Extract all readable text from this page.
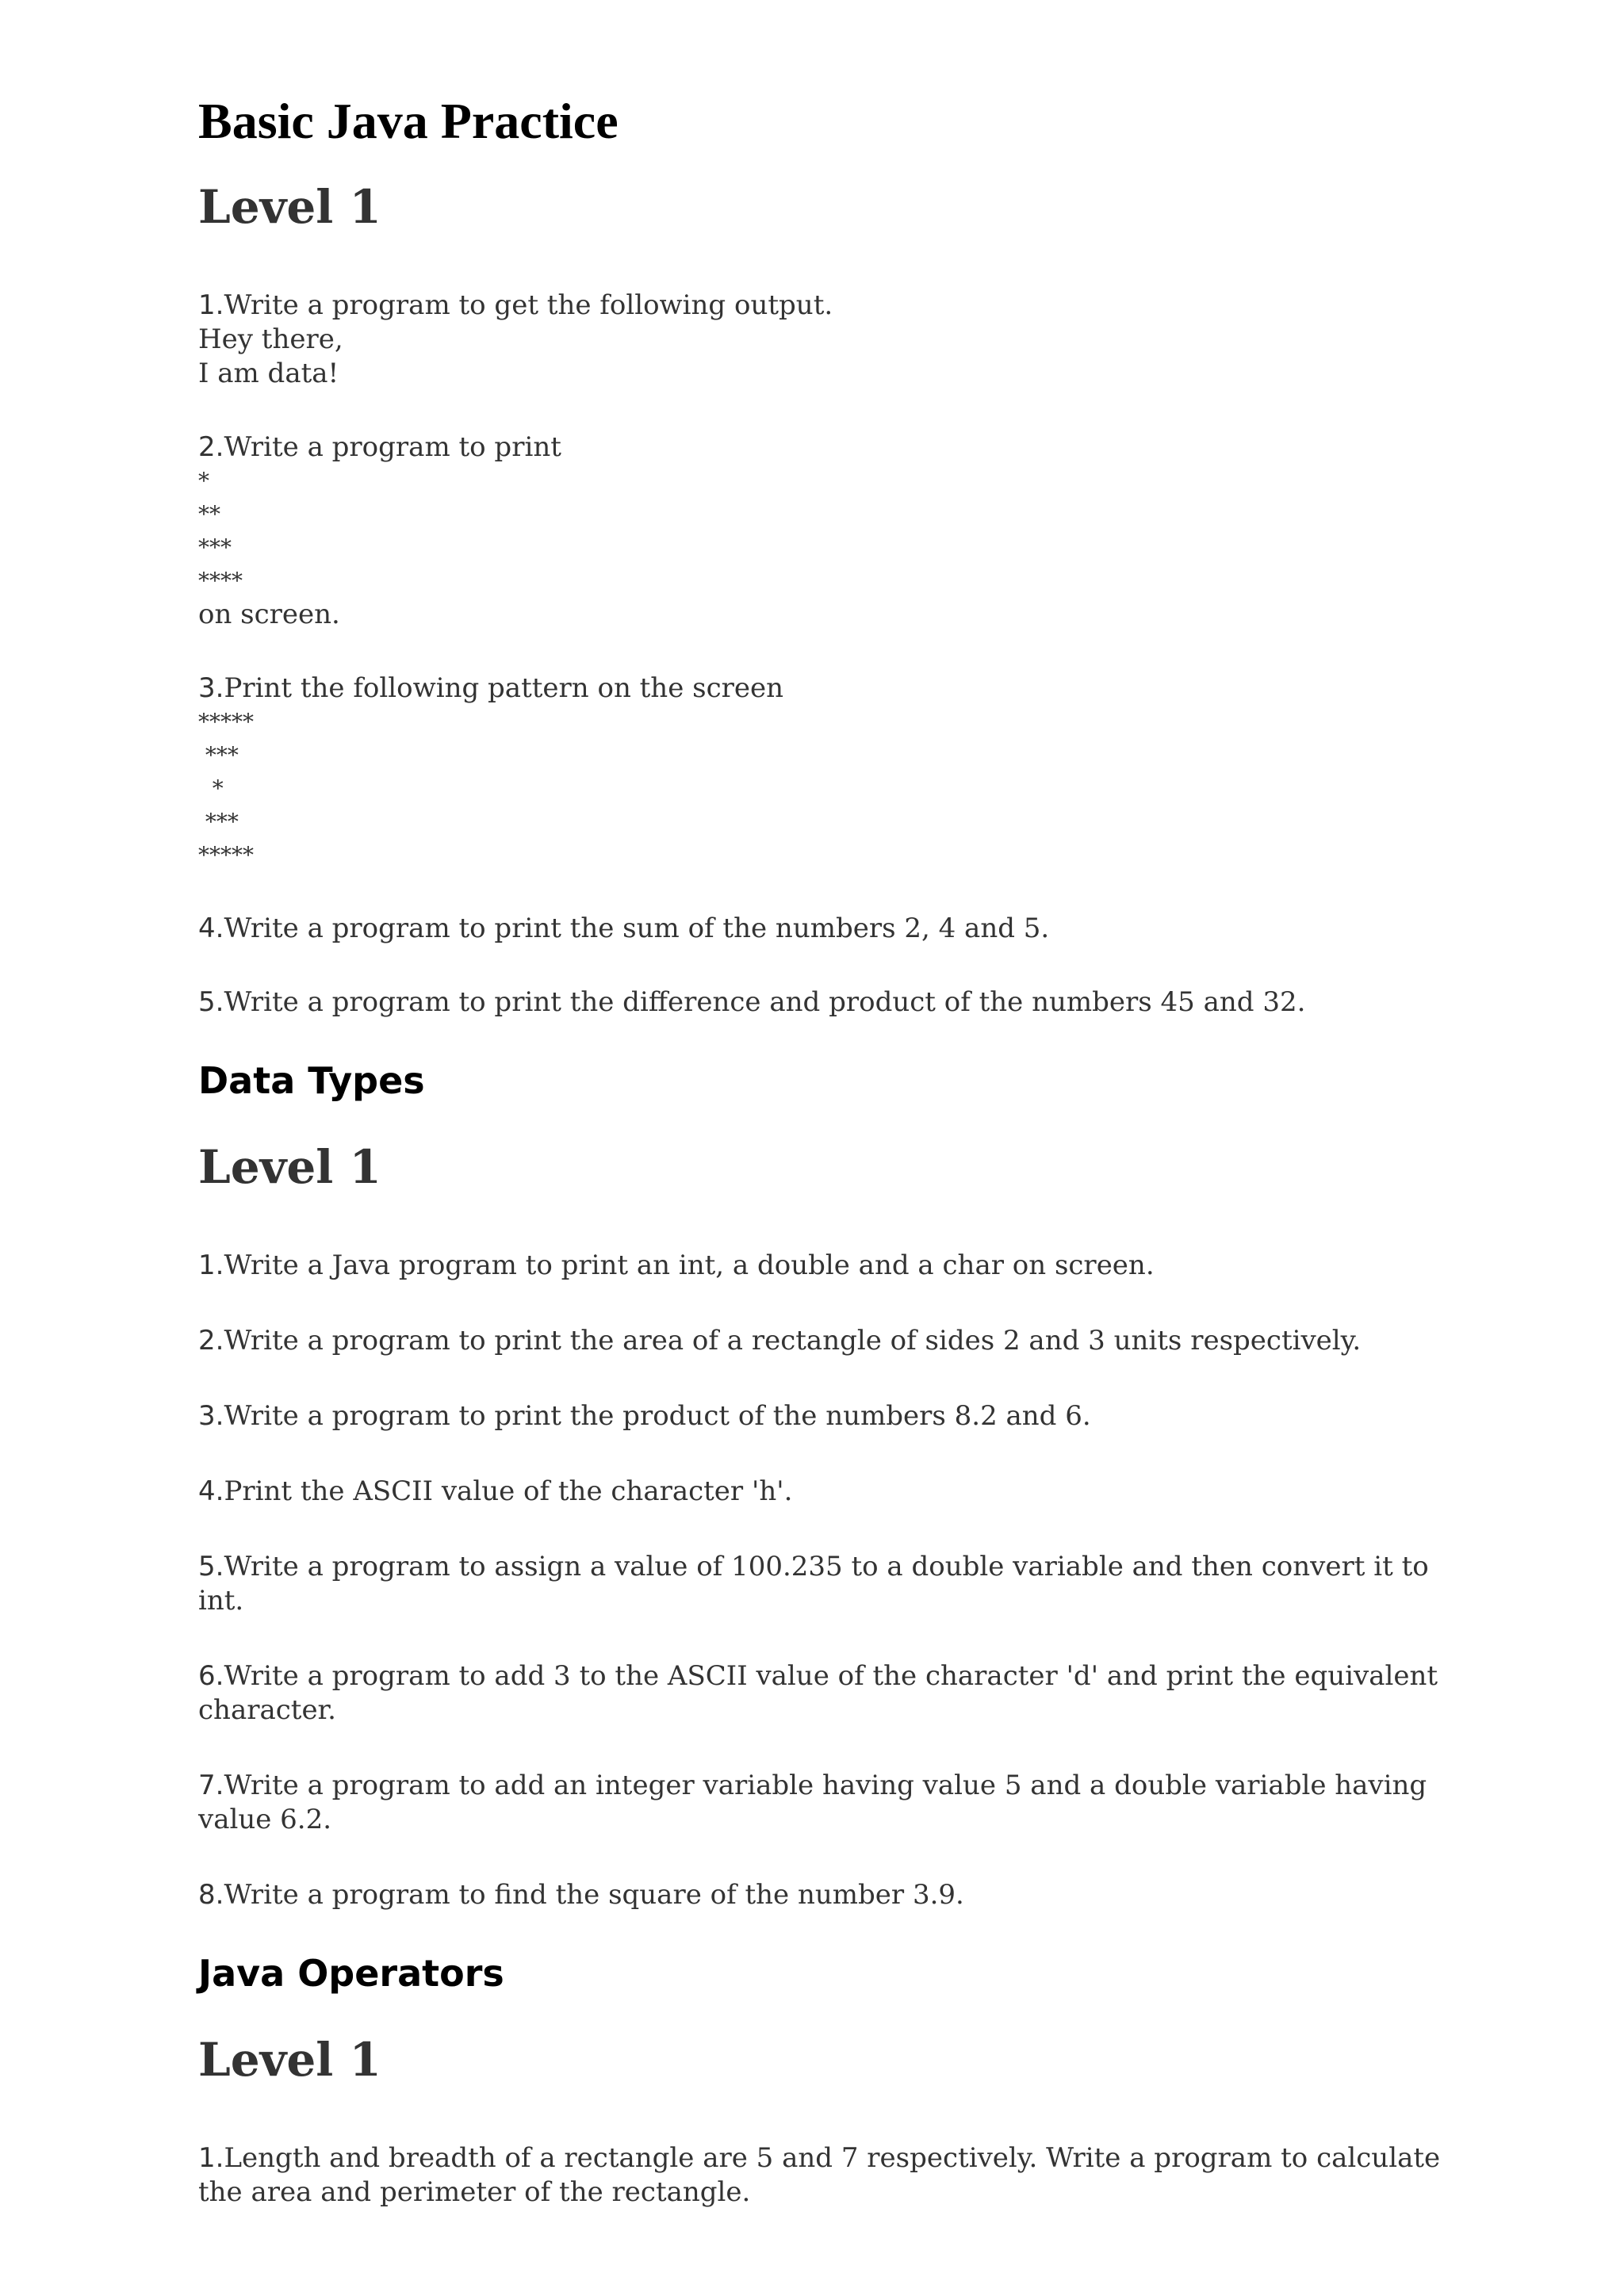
Basic Java Practice
Level 1

1.Write a program to get the following output.

Hey there,

I am data!

2.Write a program to print

*

**

***

****

on screen.

3.Print the following pattern on the screen

*****

***

*

***

*****

4.Write a program to print the sum of the numbers 2, 4 and 5.

5.Write a program to print the difference and product of the numbers 45 and 32.

Data Types
Level 1

1.Write a Java program to print an int, a double and a char on screen.

2.Write a program to print the area of a rectangle of sides 2 and 3 units respectively.

3.Write a program to print the product of the numbers 8.2 and 6.

4.Print the ASCII value of the character 'h'.

5.Write a program to assign a value of 100.235 to a double variable and then convert it to int.

6.Write a program to add 3 to the ASCII value of the character 'd' and print the equivalent character.

7.Write a program to add an integer variable having value 5 and a double variable having value 6.2.

8.Write a program to find the square of the number 3.9.

Java Operators
Level 1

1.Length and breadth of a rectangle are 5 and 7 respectively. Write a program to calculate the area and perimeter of the rectangle.
